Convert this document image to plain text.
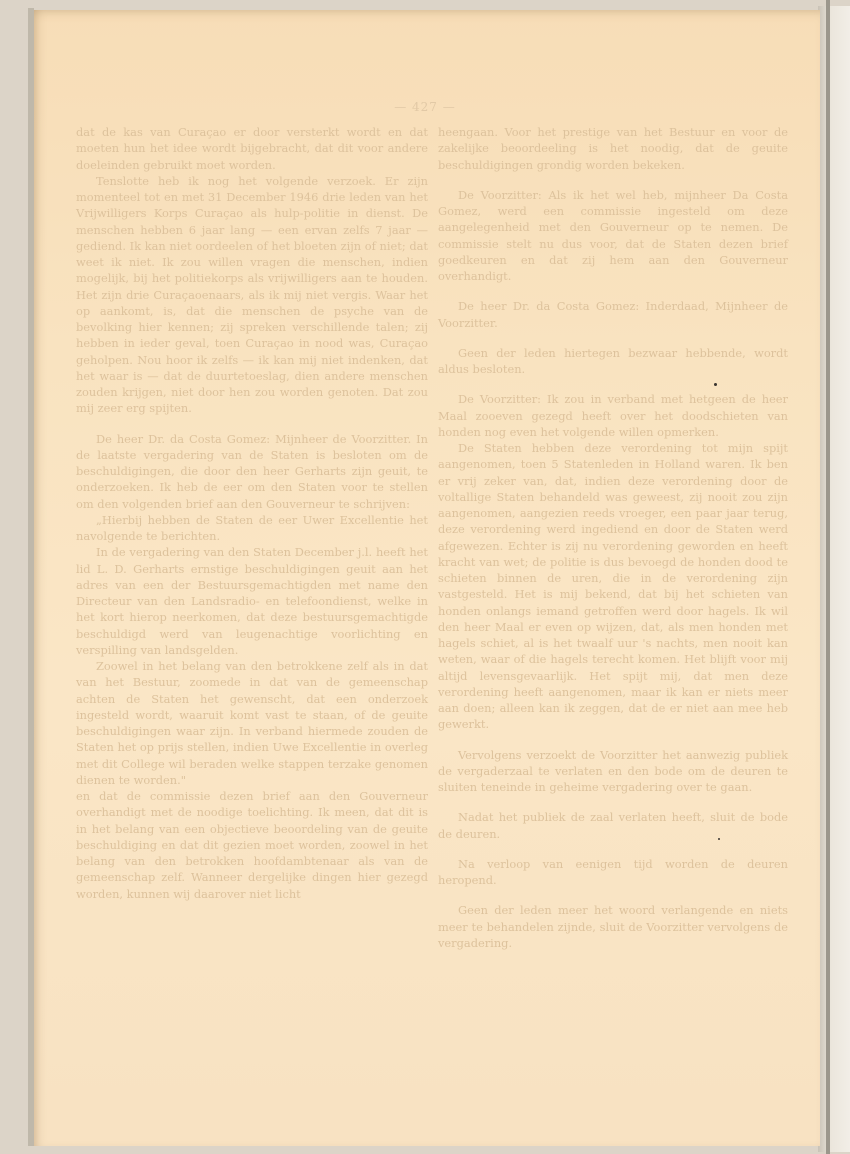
— 427 —

dat de kas van Curaçao er door versterkt wordt en dat moeten hun het idee wordt bijgebracht, dat dit voor andere doeleinden gebruikt moet worden.

Tenslotte heb ik nog het volgende verzoek. Er zijn momenteel tot en met 31 December 1946 drie leden van het Vrijwilligers Korps Curaçao als hulp-politie in dienst. De menschen hebben 6 jaar lang — een ervan zelfs 7 jaar — gediend. Ik kan niet oordeelen of het bloeten zijn of niet; dat weet ik niet. Ik zou willen vragen die menschen, indien mogelijk, bij het politiekorps als vrijwilligers aan te houden. Het zijn drie Curaçaoenaars, als ik mij niet vergis. Waar het op aankomt, is, dat die menschen de psyche van de bevolking hier kennen; zij spreken verschillende talen; zij hebben in ieder geval, toen Curaçao in nood was, Curaçao geholpen. Nou hoor ik zelfs — ik kan mij niet indenken, dat het waar is — dat de duurtetoeslag, dien andere menschen zouden krijgen, niet door hen zou worden genoten. Dat zou mij zeer erg spijten.

De heer Dr. da Costa Gomez: Mijnheer de Voorzitter. In de laatste vergadering van de Staten is besloten om de beschuldigingen, die door den heer Gerharts zijn geuit, te onderzoeken. Ik heb de eer om den Staten voor te stellen om den volgenden brief aan den Gouverneur te schrijven:

„Hierbij hebben de Staten de eer Uwer Excellentie het navolgende te berichten.

In de vergadering van den Staten December j.l. heeft het lid L. D. Gerharts ernstige beschuldigingen geuit aan het adres van een der Bestuursgemachtigden met name den Directeur van den Landsradio- en telefoondienst, welke in het kort hierop neerkomen, dat deze bestuursgemachtigde beschuldigd werd van leugenachtige voorlichting en verspilling van landsgelden.

Zoowel in het belang van den betrokkene zelf als in dat van het Bestuur, zoomede in dat van de gemeenschap achten de Staten het gewenscht, dat een onderzoek ingesteld wordt, waaruit komt vast te staan, of de geuite beschuldigingen waar zijn. In verband hiermede zouden de Staten het op prijs stellen, indien Uwe Excellentie in overleg met dit College wil beraden welke stappen terzake genomen dienen te worden."

en dat de commissie dezen brief aan den Gouverneur overhandigt met de noodige toelichting. Ik meen, dat dit is in het belang van een objectieve beoordeling van de geuite beschuldiging en dat dit gezien moet worden, zoowel in het belang van den betrokken hoofdambtenaar als van de gemeenschap zelf. Wanneer dergelijke dingen hier gezegd worden, kunnen wij daarover niet licht

heengaan. Voor het prestige van het Bestuur en voor de zakelijke beoordeeling is het noodig, dat de geuite beschuldigingen grondig worden bekeken.

De Voorzitter: Als ik het wel heb, mijnheer Da Costa Gomez, werd een commissie ingesteld om deze aangelegenheid met den Gouverneur op te nemen. De commissie stelt nu dus voor, dat de Staten dezen brief goedkeuren en dat zij hem aan den Gouverneur overhandigt.

De heer Dr. da Costa Gomez: Inderdaad, Mijnheer de Voorzitter.

Geen der leden hiertegen bezwaar hebbende, wordt aldus besloten.

De Voorzitter: Ik zou in verband met hetgeen de heer Maal zooeven gezegd heeft over het doodschieten van honden nog even het volgende willen opmerken.

De Staten hebben deze verordening tot mijn spijt aangenomen, toen 5 Statenleden in Holland waren. Ik ben er vrij zeker van, dat, indien deze verordening door de voltallige Staten behandeld was geweest, zij nooit zou zijn aangenomen, aangezien reeds vroeger, een paar jaar terug, deze verordening werd ingediend en door de Staten werd afgewezen. Echter is zij nu verordening geworden en heeft kracht van wet; de politie is dus bevoegd de honden dood te schieten binnen de uren, die in de verordening zijn vastgesteld. Het is mij bekend, dat bij het schieten van honden onlangs iemand getroffen werd door hagels. Ik wil den heer Maal er even op wijzen, dat, als men honden met hagels schiet, al is het twaalf uur 's nachts, men nooit kan weten, waar of die hagels terecht komen. Het blijft voor mij altijd levensgevaarlijk. Het spijt mij, dat men deze verordening heeft aangenomen, maar ik kan er niets meer aan doen; alleen kan ik zeggen, dat de er niet aan mee heb gewerkt.

Vervolgens verzoekt de Voorzitter het aanwezig publiek de vergaderzaal te verlaten en den bode om de deuren te sluiten teneinde in geheime vergadering over te gaan.

Nadat het publiek de zaal verlaten heeft, sluit de bode de deuren.

Na verloop van eenigen tijd worden de deuren heropend.

Geen der leden meer het woord verlangende en niets meer te behandelen zijnde, sluit de Voorzitter vervolgens de vergadering.
